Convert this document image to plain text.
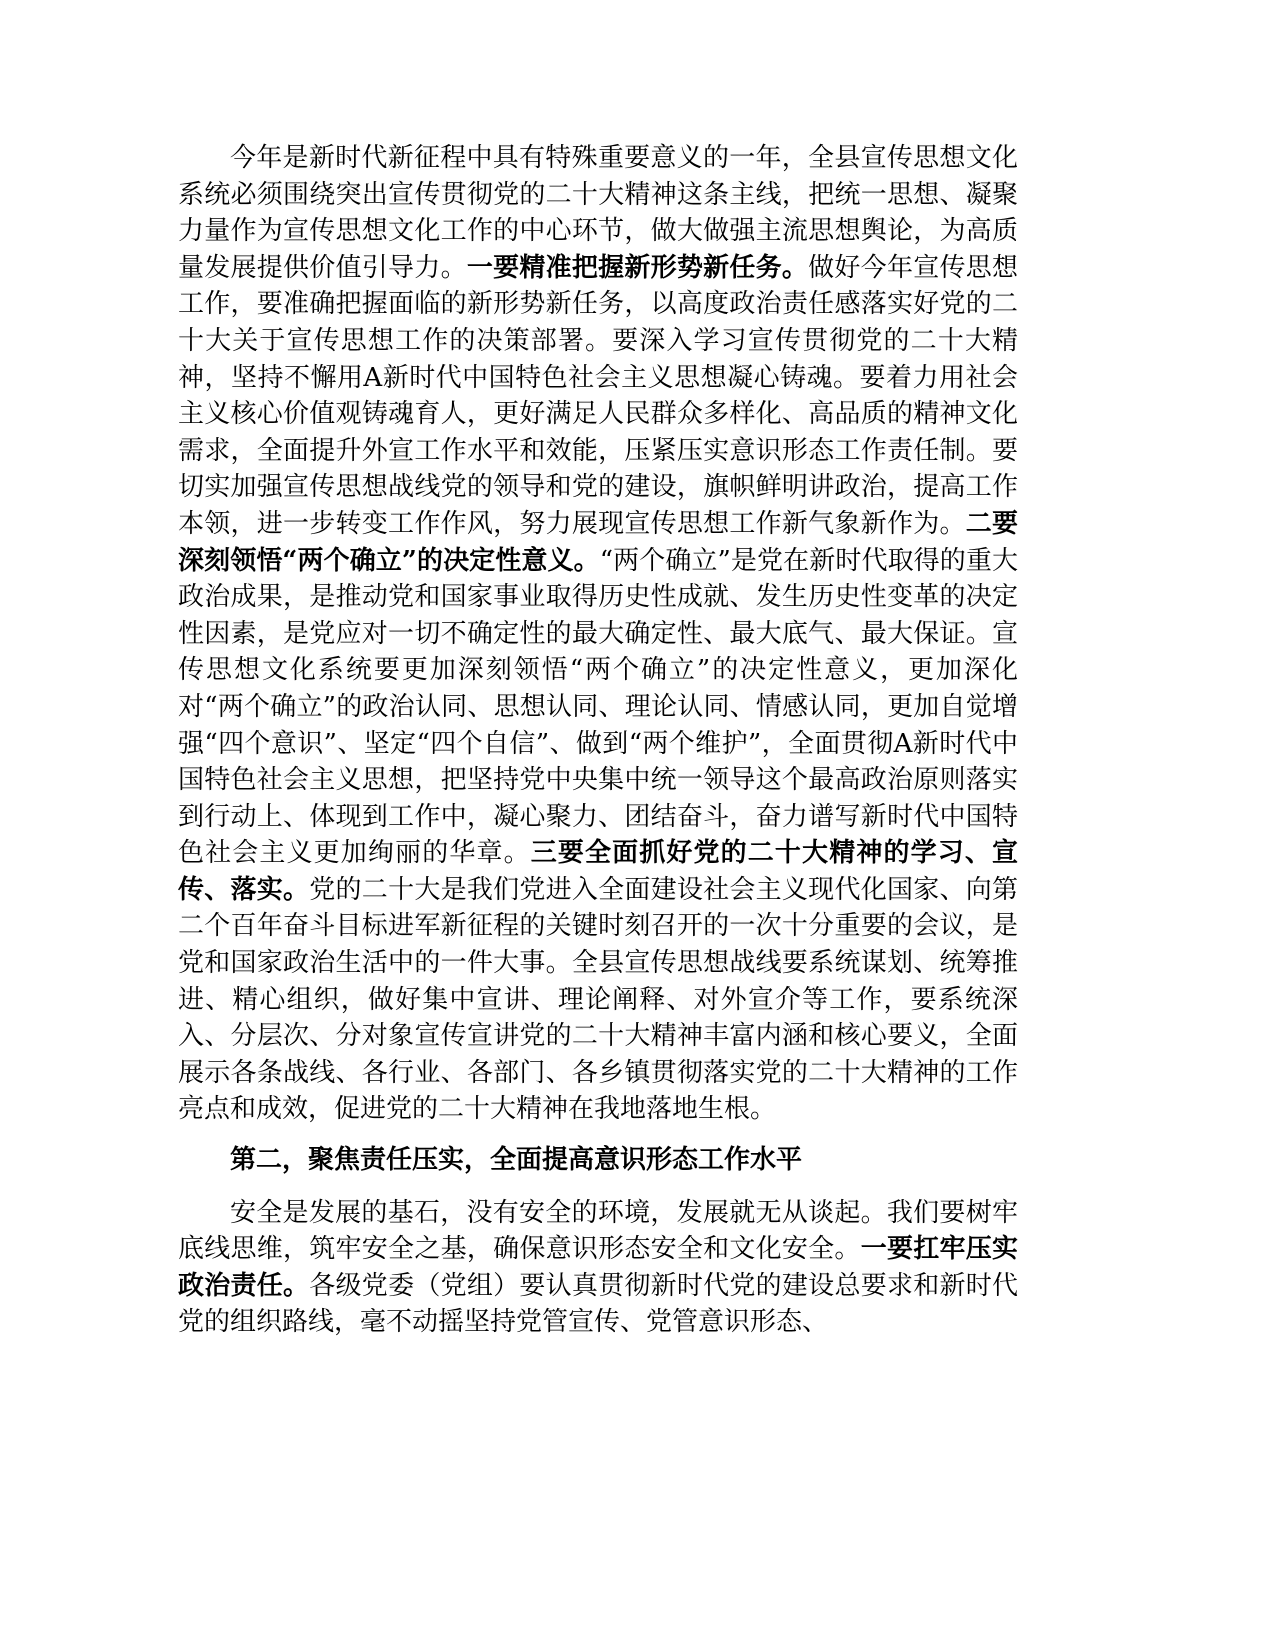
今年是新时代新征程中具有特殊重要意义的一年，全县宣传思想文化系统必须围绕突出宣传贯彻党的二十大精神这条主线，把统一思想、凝聚力量作为宣传思想文化工作的中心环节，做大做强主流思想舆论，为高质量发展提供价值引导力。一要精准把握新形势新任务。做好今年宣传思想工作，要准确把握面临的新形势新任务，以高度政治责任感落实好党的二十大关于宣传思想工作的决策部署。要深入学习宣传贯彻党的二十大精神，坚持不懈用A新时代中国特色社会主义思想凝心铸魂。要着力用社会主义核心价值观铸魂育人，更好满足人民群众多样化、高品质的精神文化需求，全面提升外宣工作水平和效能，压紧压实意识形态工作责任制。要切实加强宣传思想战线党的领导和党的建设，旗帜鲜明讲政治，提高工作本领，进一步转变工作作风，努力展现宣传思想工作新气象新作为。二要深刻领悟“两个确立”的决定性意义。“两个确立”是党在新时代取得的重大政治成果，是推动党和国家事业取得历史性成就、发生历史性变革的决定性因素，是党应对一切不确定性的最大确定性、最大底气、最大保证。宣传思想文化系统要更加深刻领悟“两个确立”的决定性意义，更加深化对“两个确立”的政治认同、思想认同、理论认同、情感认同，更加自觉增强“四个意识”、坚定“四个自信”、做到“两个维护”，全面贯彻A新时代中国特色社会主义思想，把坚持党中央集中统一领导这个最高政治原则落实到行动上、体现到工作中，凝心聚力、团结奋斗，奋力谱写新时代中国特色社会主义更加绚丽的华章。三要全面抓好党的二十大精神的学习、宣传、落实。党的二十大是我们党进入全面建设社会主义现代化国家、向第二个百年奋斗目标进军新征程的关键时刻召开的一次十分重要的会议，是党和国家政治生活中的一件大事。全县宣传思想战线要系统谋划、统筹推进、精心组织，做好集中宣讲、理论阐释、对外宣介等工作，要系统深入、分层次、分对象宣传宣讲党的二十大精神丰富内涵和核心要义，全面展示各条战线、各行业、各部门、各乡镇贯彻落实党的二十大精神的工作亮点和成效，促进党的二十大精神在我地落地生根。

第二，聚焦责任压实，全面提高意识形态工作水平

安全是发展的基石，没有安全的环境，发展就无从谈起。我们要树牢底线思维，筑牢安全之基，确保意识形态安全和文化安全。一要扛牢压实政治责任。各级党委（党组）要认真贯彻新时代党的建设总要求和新时代党的组织路线，毫不动摇坚持党管宣传、党管意识形态、
